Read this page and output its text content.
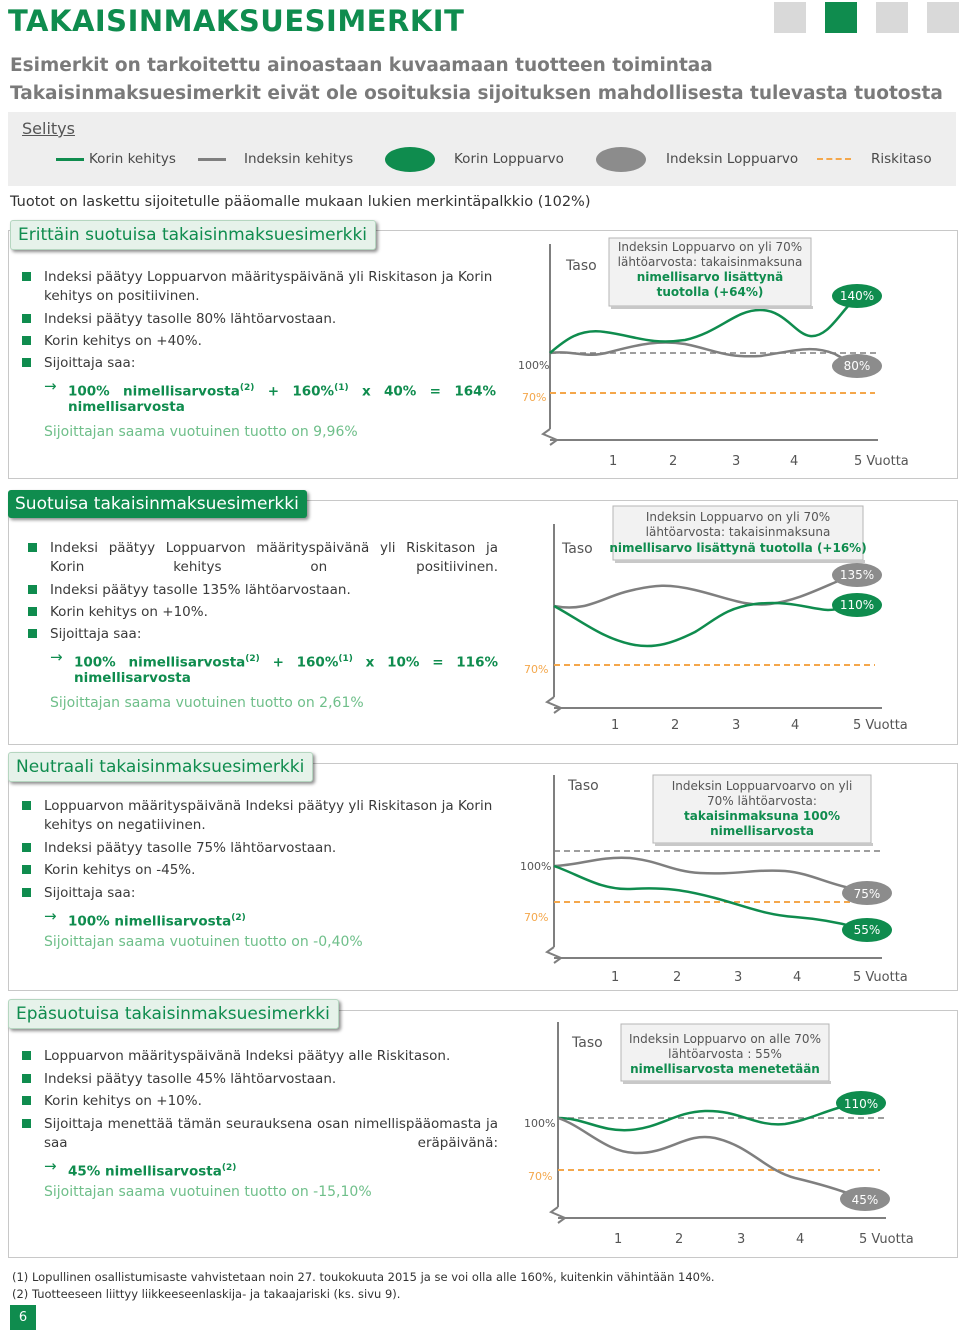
TAKAISINMAKSUESIMERKIT
Esimerkit on tarkoitettu ainoastaan kuvaamaan tuotteen toimintaa
Takaisinmaksuesimerkit eivät ole osoituksia sijoituksen mahdollisesta tulevasta tuotosta
Selitys
Korin kehitys	Indeksin kehitys	Korin Loppuarvo	Indeksin Loppuarvo	Riskitaso
Tuotot on laskettu sijoitetulle pääomalle mukaan lukien merkintäpalkkio (102%)
Erittäin suotuisa takaisinmaksuesimerkki
Indeksi päätyy Loppuarvon määrityspäivänä yli Riskitason ja Korin kehitys on positiivinen.
Indeksi päätyy tasolle 80% lähtöarvostaan.
Korin kehitys on +40%.
Sijoittaja saa:
→ 100% nimellisarvosta$^{(2)}$ + 160%$^{(1)}$ x 40% = 164%
nimellisarvosta
Sijoittajan saama vuotuinen tuotto on 9,96%
Taso
100%
70%
1	2	3	4	5 Vuotta
Indeksin Loppuarvo on yli 70%
lähtöarvosta: takaisinmaksuna
nimellisarvo lisättynä
tuotolla (+64%)	140%
80%
Suotuisa takaisinmaksuesimerkki
Indeksi päätyy Loppuarvon määrityspäivänä yli Riskitason ja Korin kehitys on positiivinen.
Indeksi päätyy tasolle 135% lähtöarvostaan.
Korin kehitys on +10%.
Sijoittaja saa:
→ 100% nimellisarvosta$^{(2)}$ + 160%$^{(1)}$ x 10% = 116%
nimellisarvosta
Sijoittajan saama vuotuinen tuotto on 2,61%
Taso
70%
1	2	3	4	5 Vuotta
Indeksin Loppuarvo on yli 70%
lähtöarvosta: takaisinmaksuna
nimellisarvo lisättynä tuotolla (+16%)
135%
110%
Neutraali takaisinmaksuesimerkki
Loppuarvon määrityspäivänä Indeksi päätyy yli Riskitason ja Korin kehitys on negatiivinen.
Indeksi päätyy tasolle 75% lähtöarvostaan.
Korin kehitys on -45%.
Sijoittaja saa:
→ 100% nimellisarvosta$^{(2)}$
Sijoittajan saama vuotuinen tuotto on -0,40%
Taso
100%
70%
1	2	3	4	5 Vuotta
Indeksin Loppuarvoarvo on yli
70% lähtöarvosta:
takaisinmaksuna 100%
nimellisarvosta
75%
55%
Epäsuotuisa takaisinmaksuesimerkki
Loppuarvon määrityspäivänä Indeksi päätyy alle Riskitason.
Indeksi päätyy tasolle 45% lähtöarvostaan.
Korin kehitys on +10%.
Sijoittaja menettää tämän seurauksena osan nimellispääomasta ja saa eräpäivänä:
→ 45% nimellisarvosta$^{(2)}$
Sijoittajan saama vuotuinen tuotto on -15,10%
Taso
100%
70%
1	2	3	4	5 Vuotta
Indeksin Loppuarvo on alle 70%
lähtöarvosta : 55%
nimellisarvosta menetetään
110%
45%
(1) Lopullinen osallistumisaste vahvistetaan noin 27. toukokuuta 2015 ja se voi olla alle 160%, kuitenkin vähintään 140%.
(2) Tuotteeseen liittyy liikkeeseenlaskija- ja takaajariski (ks. sivu 9).
6
